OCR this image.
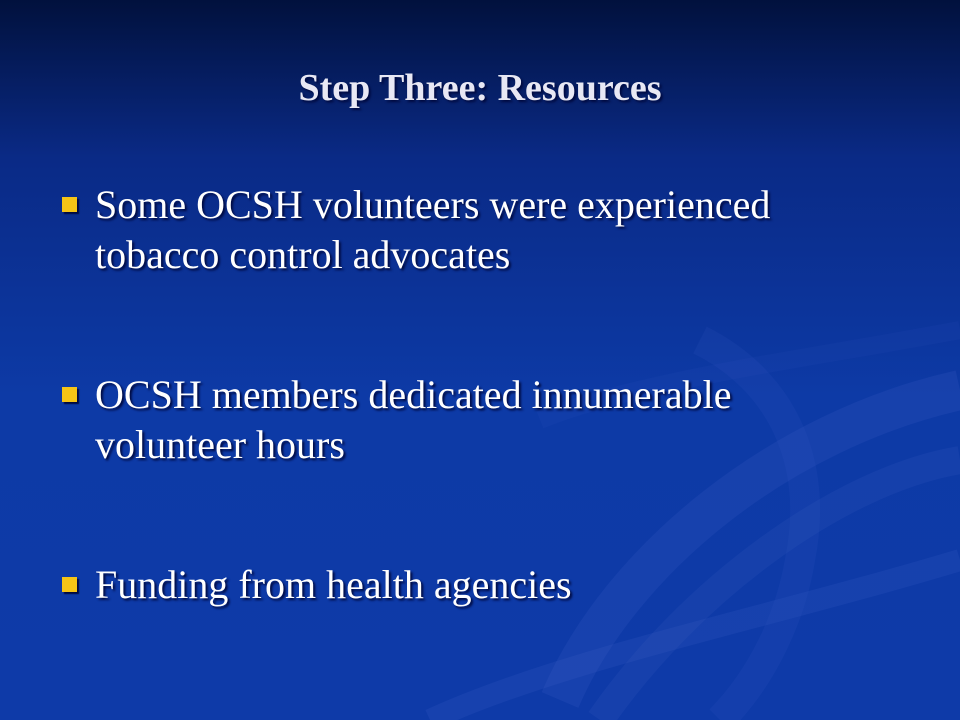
Step Three: Resources
Some OCSH volunteers were experienced tobacco control advocates
OCSH members dedicated innumerable volunteer hours
Funding from health agencies
